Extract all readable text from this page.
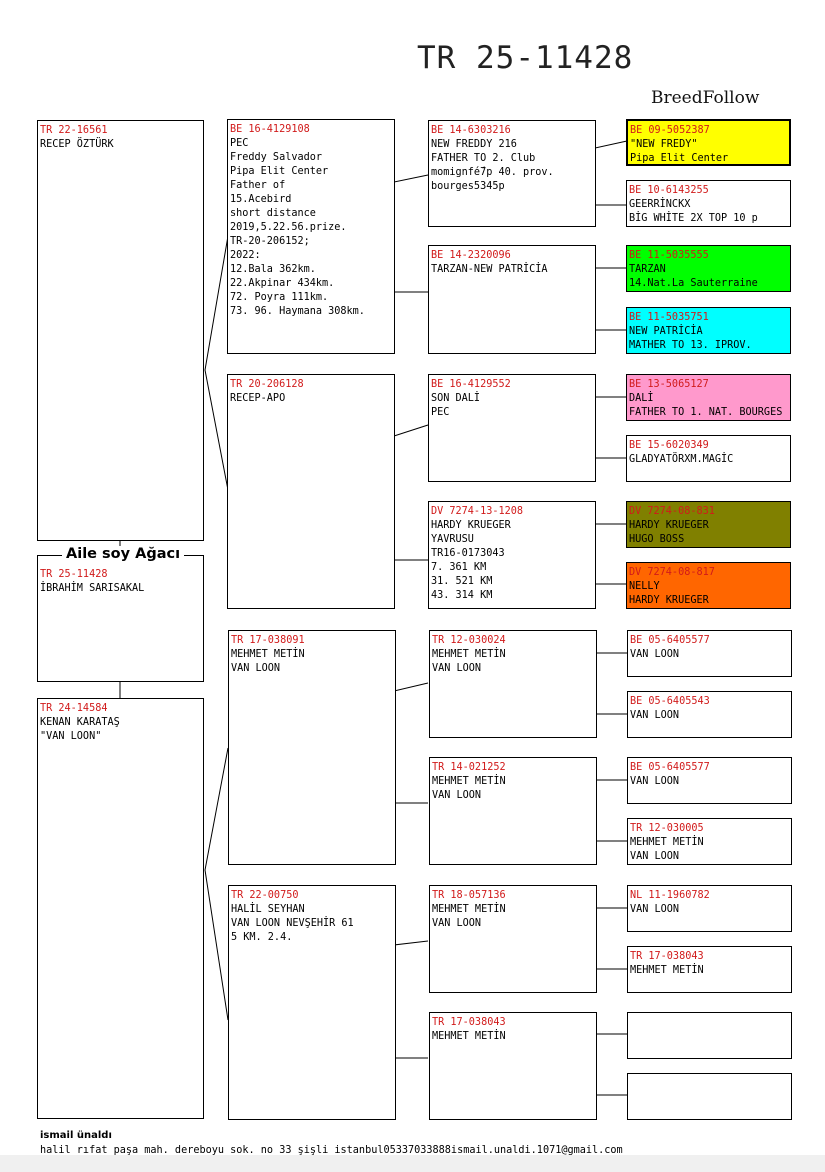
TR 25-11428
BreedFollow
TR 22-16561
RECEP ÖZTÜRK
TR 25-11428
İBRAHİM SARISAKAL
Aile soy Ağacı
TR 24-14584
KENAN KARATAŞ
"VAN LOON"
BE 16-4129108
PEC
Freddy Salvador
Pipa Elit Center
Father of
15.Acebird
short distance
2019,5.22.56.prize.
TR-20-206152;
2022:
12.Bala 362km.
22.Akpinar 434km.
72. Poyra 111km.
73. 96. Haymana 308km.
TR 20-206128
RECEP-APO
TR 17-038091
MEHMET METİN
VAN LOON
TR 22-00750
HALİL SEYHAN
VAN LOON NEVŞEHİR 61
5 KM. 2.4.
BE 14-6303216
NEW FREDDY 216
FATHER TO 2. Club
momignfé́7p 40. prov.
bourges5345p
BE 14-2320096
TARZAN-NEW PATRİCİA
BE 16-4129552
SON DALİ
PEC
DV 7274-13-1208
HARDY KRUEGER
YAVRUSU
TR16-0173043
7. 361 KM
31. 521 KM
43. 314 KM
TR 12-030024
MEHMET METİN
VAN LOON
TR 14-021252
MEHMET METİN
VAN LOON
TR 18-057136
MEHMET METİN
VAN LOON
TR 17-038043
MEHMET METİN
BE 09-5052387
"NEW FREDY"
Pipa Elit Center
BE 10-6143255
GEERRİNCKX
BİG WHİTE 2X TOP 10 p
BE 11-5035555
TARZAN
14.Nat.La Sauterraine
BE 11-5035751
NEW PATRİCİA
MATHER TO 13. IPROV.
BE 13-5065127
DALİ
FATHER TO 1. NAT. BOURGES
BE 15-6020349
GLADYATÖRXM.MAGİC
DV 7274-08-831
HARDY KRUEGER
HUGO BOSS
DV 7274-08-817
NELLY
HARDY KRUEGER
BE 05-6405577
VAN LOON
BE 05-6405543
VAN LOON
BE 05-6405577
VAN LOON
TR 12-030005
MEHMET METİN
VAN LOON
NL 11-1960782
VAN LOON
TR 17-038043
MEHMET METİN
ismail ünaldı
halil rıfat paşa mah. dereboyu sok. no 33 şişli istanbul05337033888ismail.unaldi.1071@gmail.com
